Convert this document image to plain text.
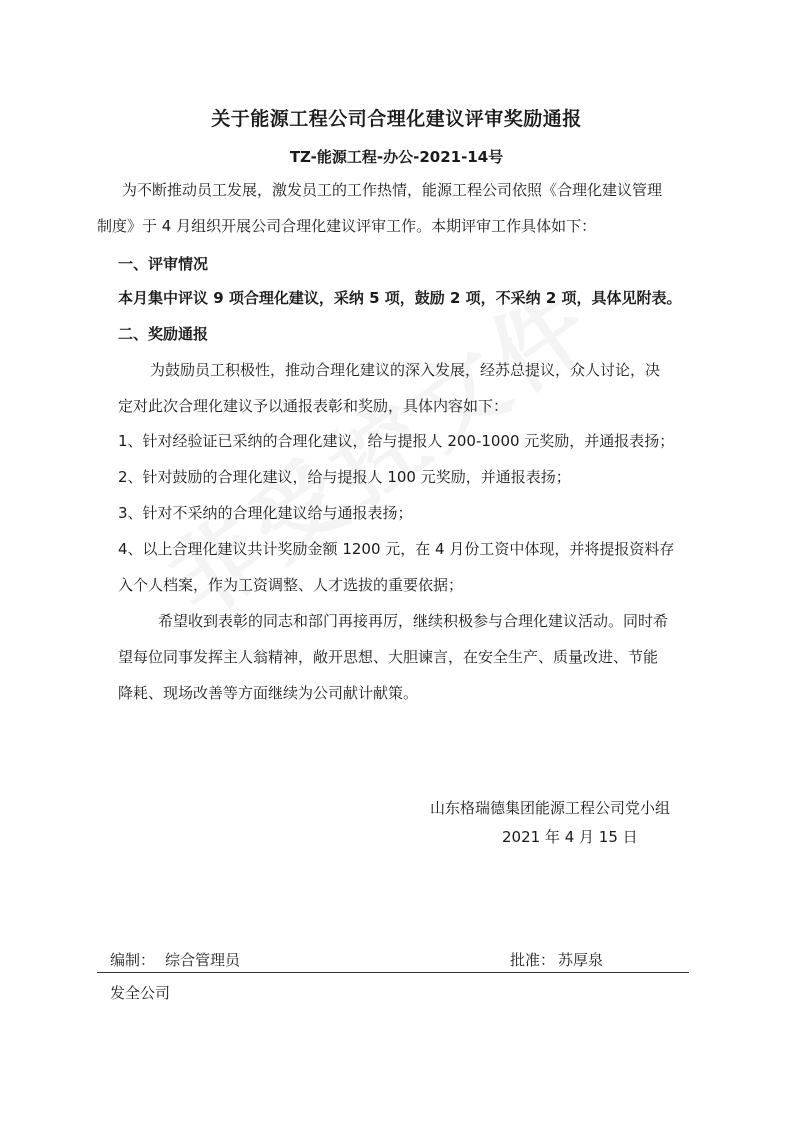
关于能源工程公司合理化建议评审奖励通报
TZ-能源工程-办公-2021-14号
为不断推动员工发展，激发员工的工作热情，能源工程公司依照《合理化建议管理
制度》于 4 月组织开展公司合理化建议评审工作。本期评审工作具体如下：
一、评审情况
本月集中评议 9 项合理化建议，采纳 5 项，鼓励 2 项，不采纳 2 项，具体见附表。
二、奖励通报
为鼓励员工积极性，推动合理化建议的深入发展，经苏总提议，众人讨论，决
定对此次合理化建议予以通报表彰和奖励，具体内容如下：
1、针对经验证已采纳的合理化建议，给与提报人 200-1000 元奖励，并通报表扬；
2、针对鼓励的合理化建议，给与提报人 100 元奖励，并通报表扬；
3、针对不采纳的合理化建议给与通报表扬；
4、以上合理化建议共计奖励金额 1200 元，在 4 月份工资中体现，并将提报资料存
入个人档案，作为工资调整、人才选拔的重要依据；
希望收到表彰的同志和部门再接再厉，继续积极参与合理化建议活动。同时希
望每位同事发挥主人翁精神，敞开思想、大胆谏言，在安全生产、质量改进、节能
降耗、现场改善等方面继续为公司献计献策。
山东格瑞德集团能源工程公司党小组
2021 年 4 月 15 日
编制： 综合管理员	批准： 苏厚泉
发全公司
